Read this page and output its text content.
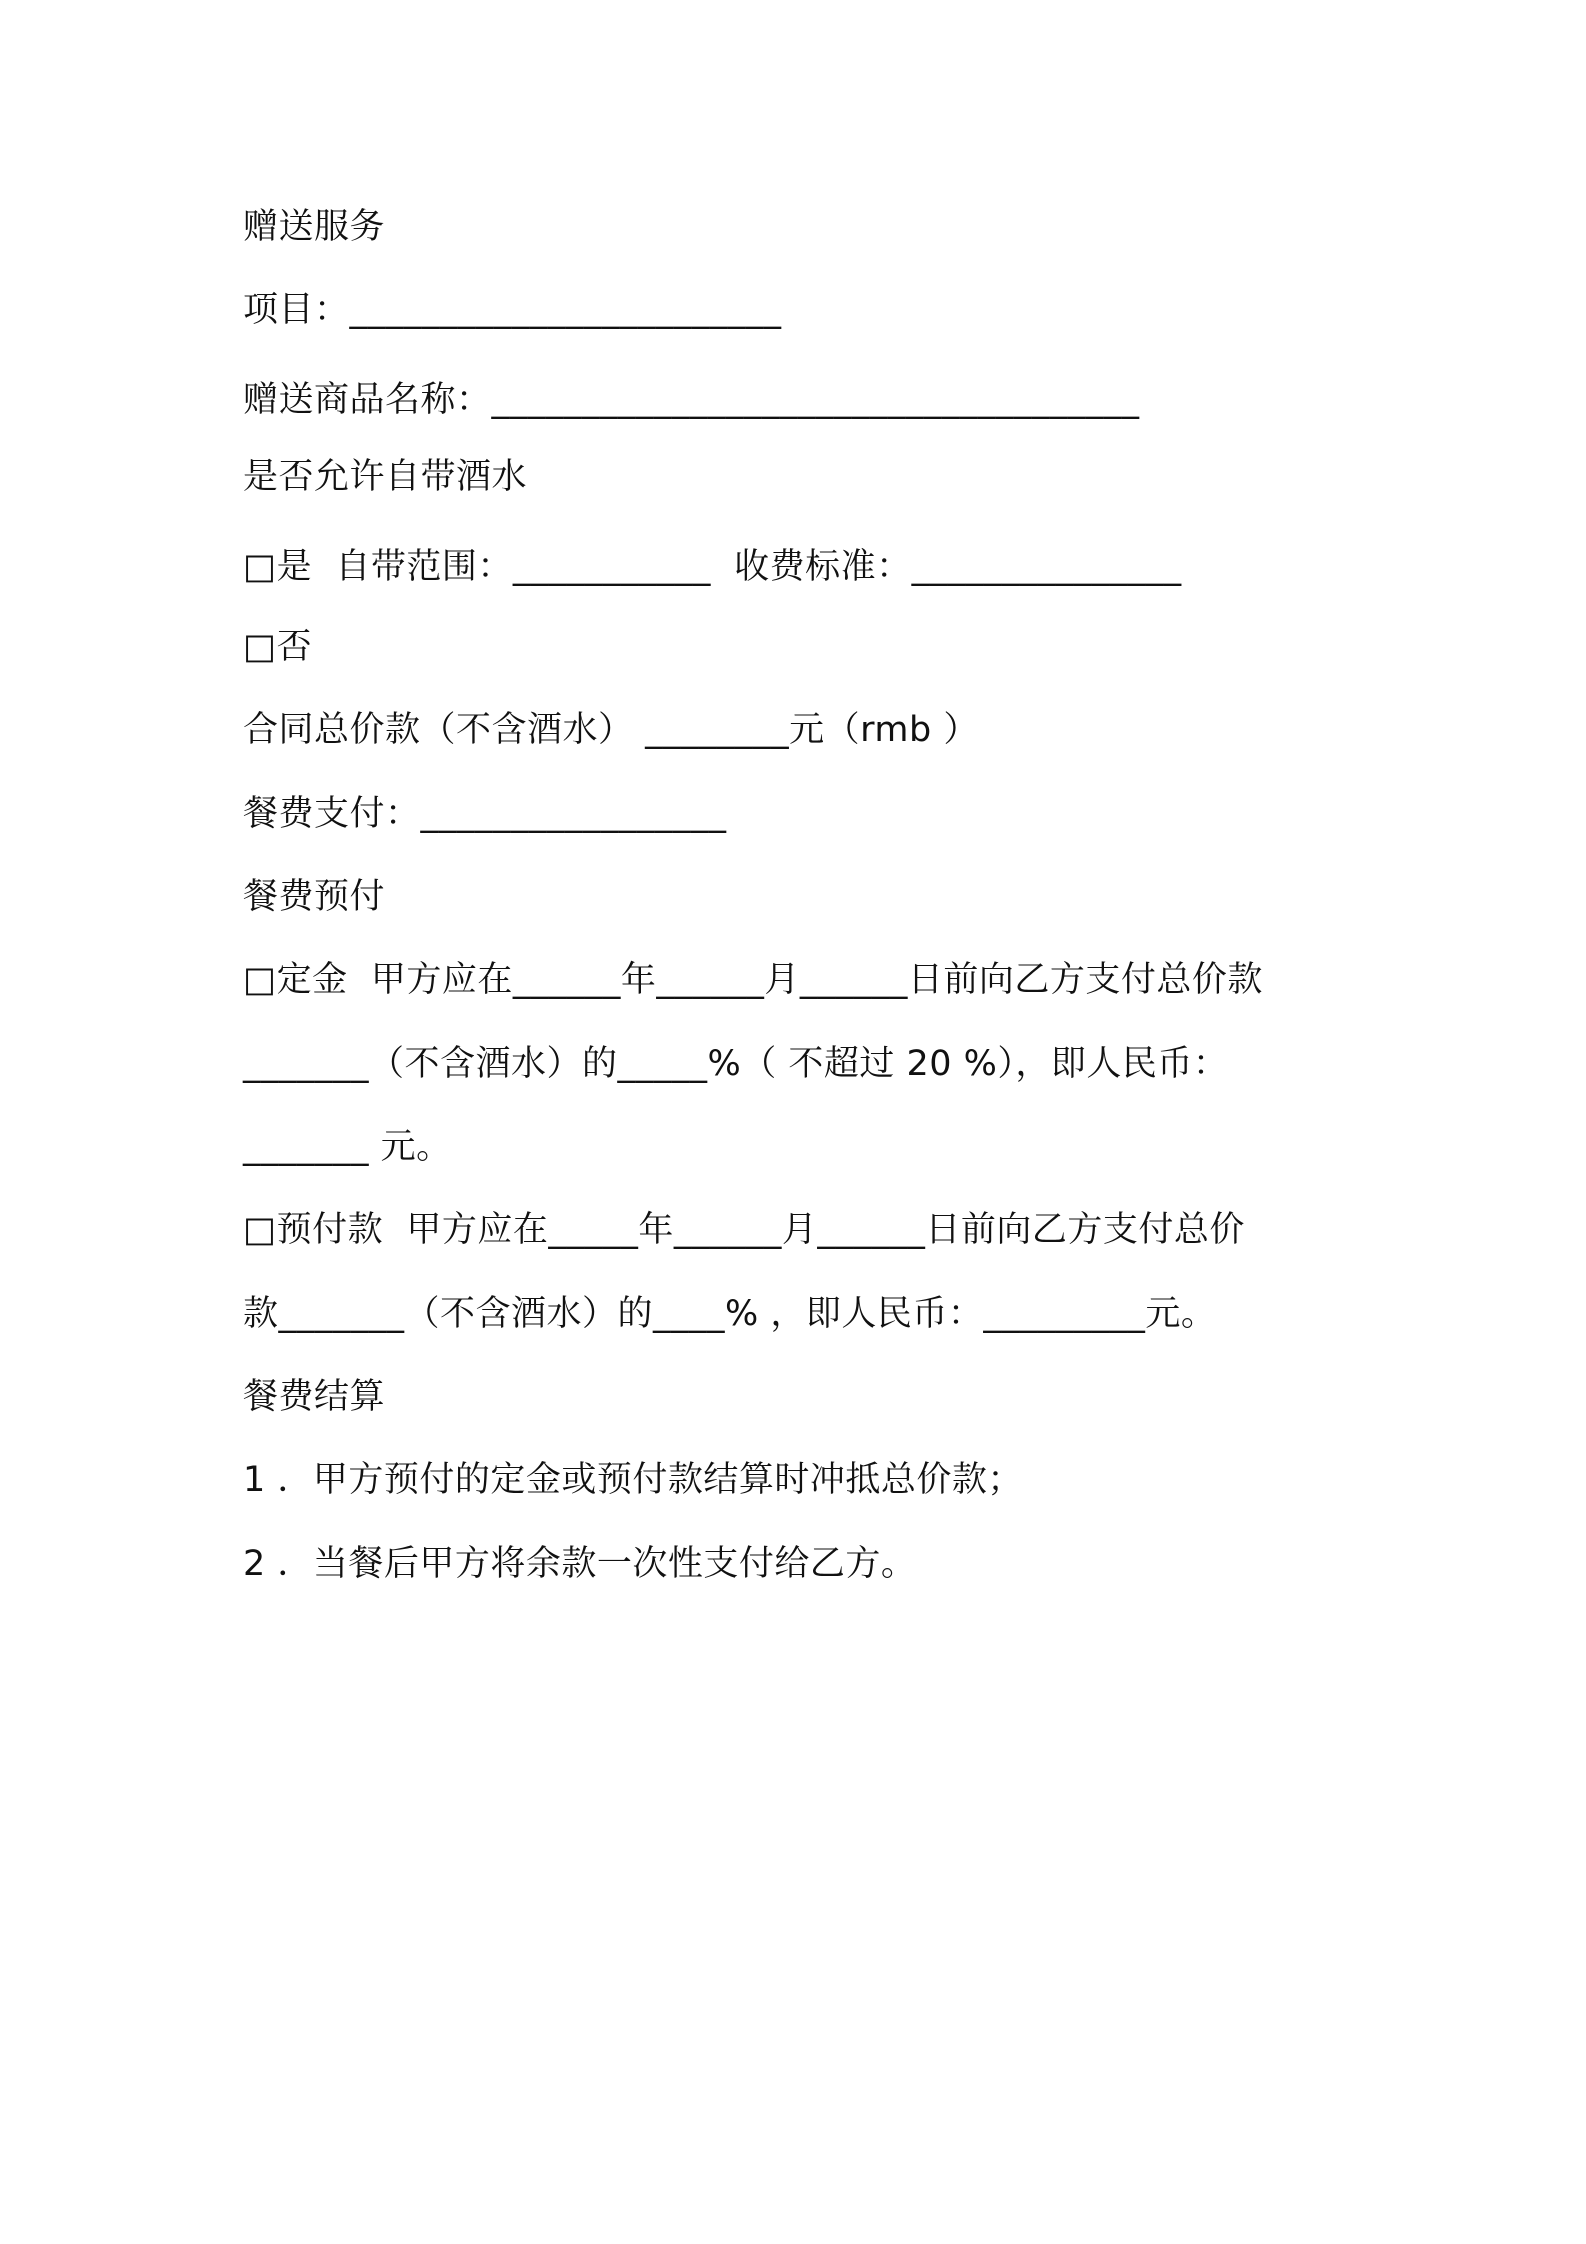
赠送服务
项目：________________________
赠送商品名称：____________________________________
是否允许自带酒水
□是  自带范围：___________  收费标准：_______________
□否
合同总价款（不含酒水） ________元（rmb ）
餐费支付：_________________
餐费预付
□定金  甲方应在______年______月______日前向乙方支付总价款
_______（不含酒水）的_____%（ 不超过 20 %），即人民币：
_______ 元。
□预付款  甲方应在_____年______月______日前向乙方支付总价
款_______（不含酒水）的____% ，即人民币：_________元。
餐费结算
1 ．甲方预付的定金或预付款结算时冲抵总价款；
2 ．当餐后甲方将余款一次性支付给乙方。
